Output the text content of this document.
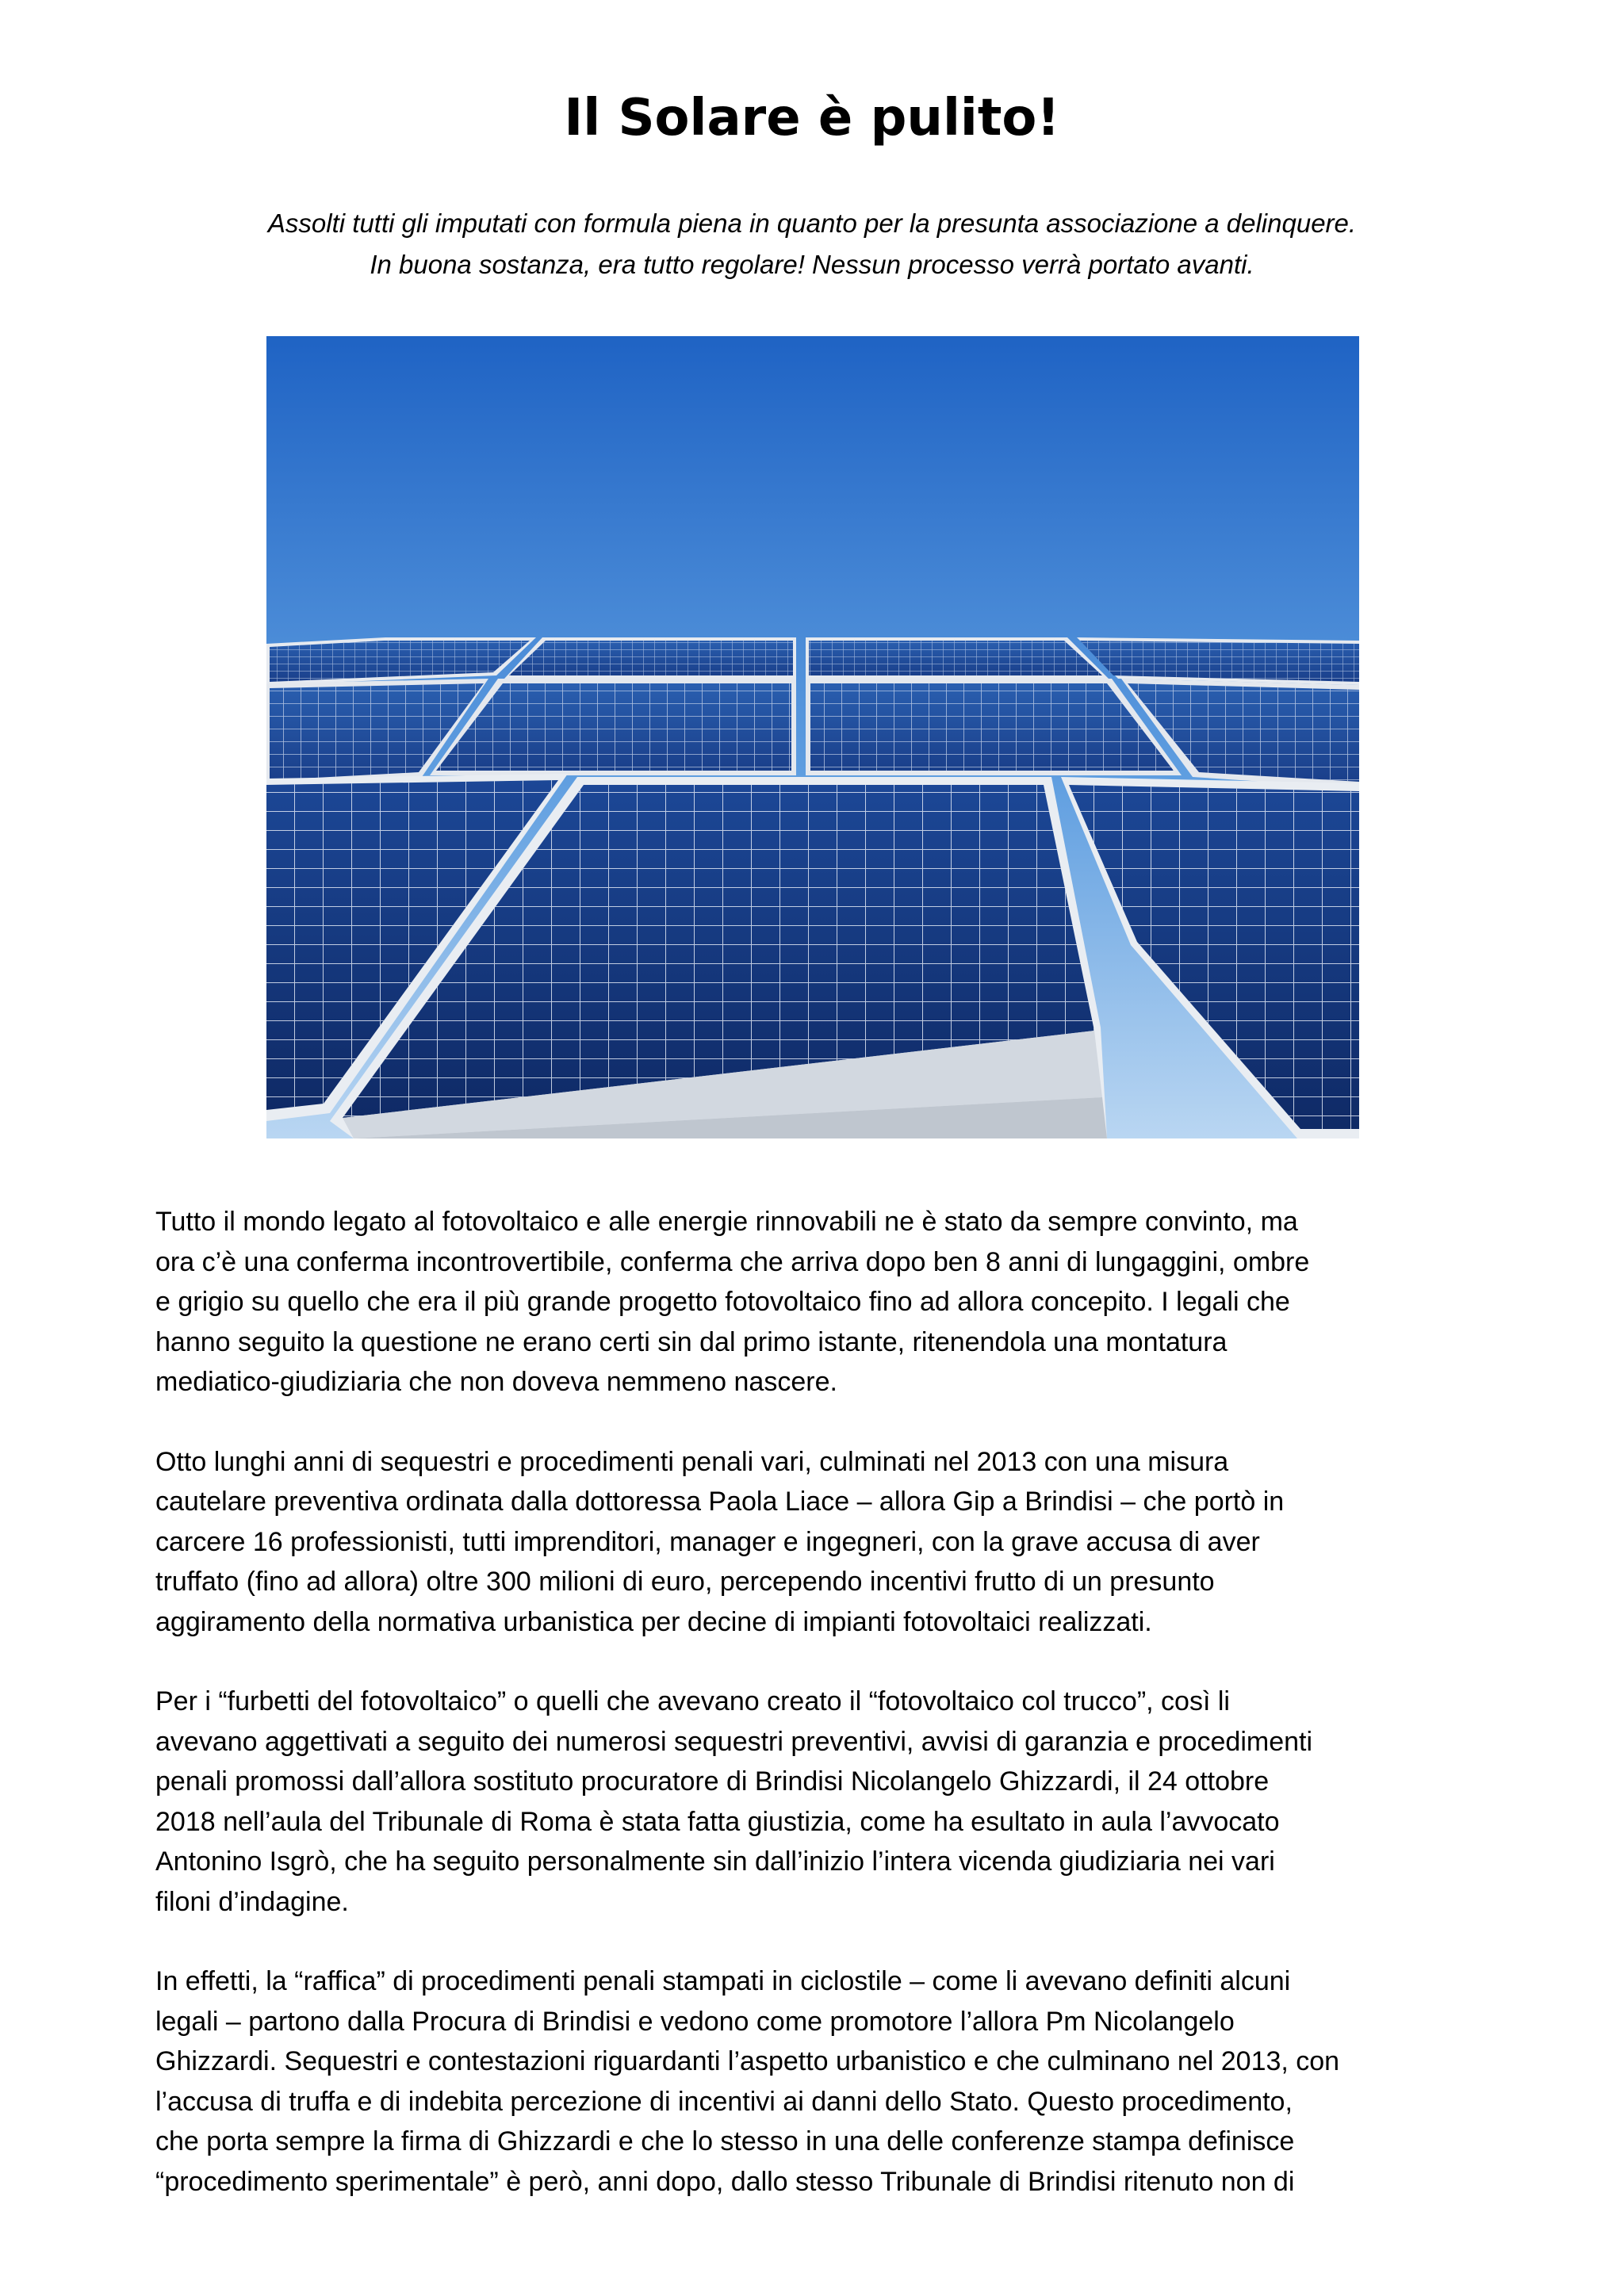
Il Solare è pulito!
Assolti tutti gli imputati con formula piena in quanto per la presunta associazione a delinquere.
In buona sostanza, era tutto regolare! Nessun processo verrà portato avanti.

Tutto il mondo legato al fotovoltaico e alle energie rinnovabili ne è stato da sempre convinto, ma
ora c’è una conferma incontrovertibile, conferma che arriva dopo ben 8 anni di lungaggini, ombre
e grigio su quello che era il più grande progetto fotovoltaico fino ad allora concepito. I legali che
hanno seguito la questione ne erano certi sin dal primo istante, ritenendola una montatura
mediatico-giudiziaria che non doveva nemmeno nascere.

Otto lunghi anni di sequestri e procedimenti penali vari, culminati nel 2013 con una misura
cautelare preventiva ordinata dalla dottoressa Paola Liace – allora Gip a Brindisi – che portò in
carcere 16 professionisti, tutti imprenditori, manager e ingegneri, con la grave accusa di aver
truffato (fino ad allora) oltre 300 milioni di euro, percependo incentivi frutto di un presunto
aggiramento della normativa urbanistica per decine di impianti fotovoltaici realizzati.

Per i “furbetti del fotovoltaico” o quelli che avevano creato il “fotovoltaico col trucco”, così li
avevano aggettivati a seguito dei numerosi sequestri preventivi, avvisi di garanzia e procedimenti
penali promossi dall’allora sostituto procuratore di Brindisi Nicolangelo Ghizzardi, il 24 ottobre
2018 nell’aula del Tribunale di Roma è stata fatta giustizia, come ha esultato in aula l’avvocato
Antonino Isgrò, che ha seguito personalmente sin dall’inizio l’intera vicenda giudiziaria nei vari
filoni d’indagine.

In effetti, la “raffica” di procedimenti penali stampati in ciclostile – come li avevano definiti alcuni
legali – partono dalla Procura di Brindisi e vedono come promotore l’allora Pm Nicolangelo
Ghizzardi. Sequestri e contestazioni riguardanti l’aspetto urbanistico e che culminano nel 2013, con
l’accusa di truffa e di indebita percezione di incentivi ai danni dello Stato. Questo procedimento,
che porta sempre la firma di Ghizzardi e che lo stesso in una delle conferenze stampa definisce
“procedimento sperimentale” è però, anni dopo, dallo stesso Tribunale di Brindisi ritenuto non di
